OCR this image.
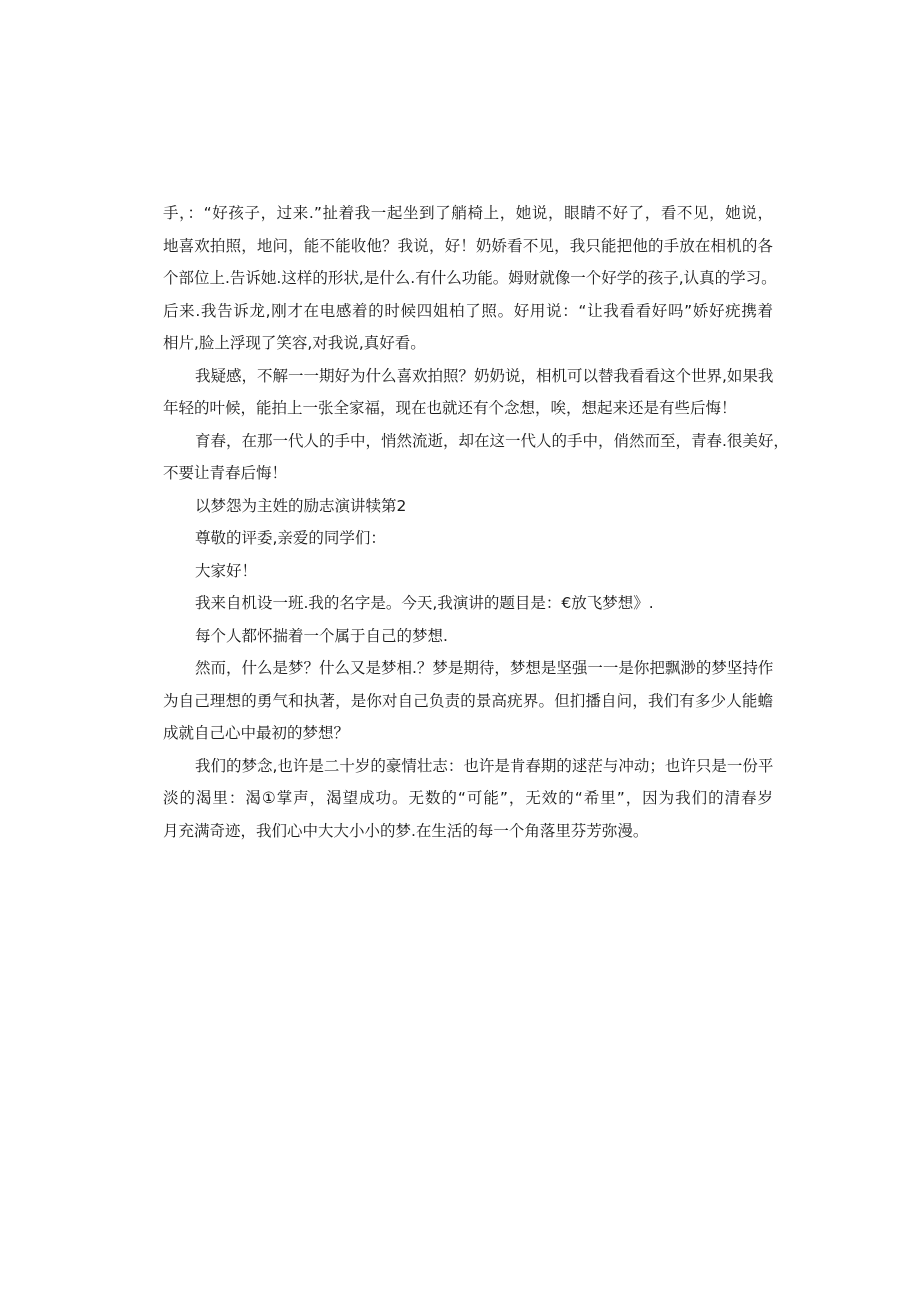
手，：“好孩子，过来.”扯着我一起坐到了艄椅上，她说，眼睛不好了，看不见，她说，
地喜欢拍照，地问，能不能收他？我说，好！奶娇看不见，我只能把他的手放在相机的各
个部位上.告诉她.这样的形状,是什么.有什么功能。姆财就像一个好学的孩子,认真的学习。
后来.我告诉龙,刚才在电感着的时候四姐柏了照。好用说：“让我看看好吗”娇好疣携着
相片,脸上浮现了笑容,对我说,真好看。
我疑感，不解一一期好为什么喜欢拍照？奶奶说，相机可以替我看看这个世界,如果我
年轻的叶候，能拍上一张全家福，现在也就还有个念想，唉，想起来还是有些后悔！
育春，在那一代人的手中，悄然流逝，却在这一代人的手中，俏然而至，青春.很美好，
不要让青春后悔！
以梦怨为主姓的励志演讲犊第2
尊敬的评委,亲爱的同学们：
大家好！
我来自机设一班.我的名字是。今天,我演讲的题目是：€放飞梦想》.
每个人都怀揣着一个属于自己的梦想.
然而，什么是梦？什么又是梦相.？梦是期待，梦想是坚强一一是你把飘渺的梦坚持作
为自己理想的勇气和执著，是你对自己负责的景高疣界。但扪播自问，我们有多少人能蟾
成就自己心中最初的梦想？
我们的梦念,也许是二十岁的豪情壮志：也许是肯春期的逑茫与冲动；也许只是一份平
淡的渴里：渴①掌声，渴望成功。无数的“可能”，无效的“希里”，因为我们的清春岁
月充满奇迹，我们心中大大小小的梦.在生活的每一个角落里芬芳弥漫。
